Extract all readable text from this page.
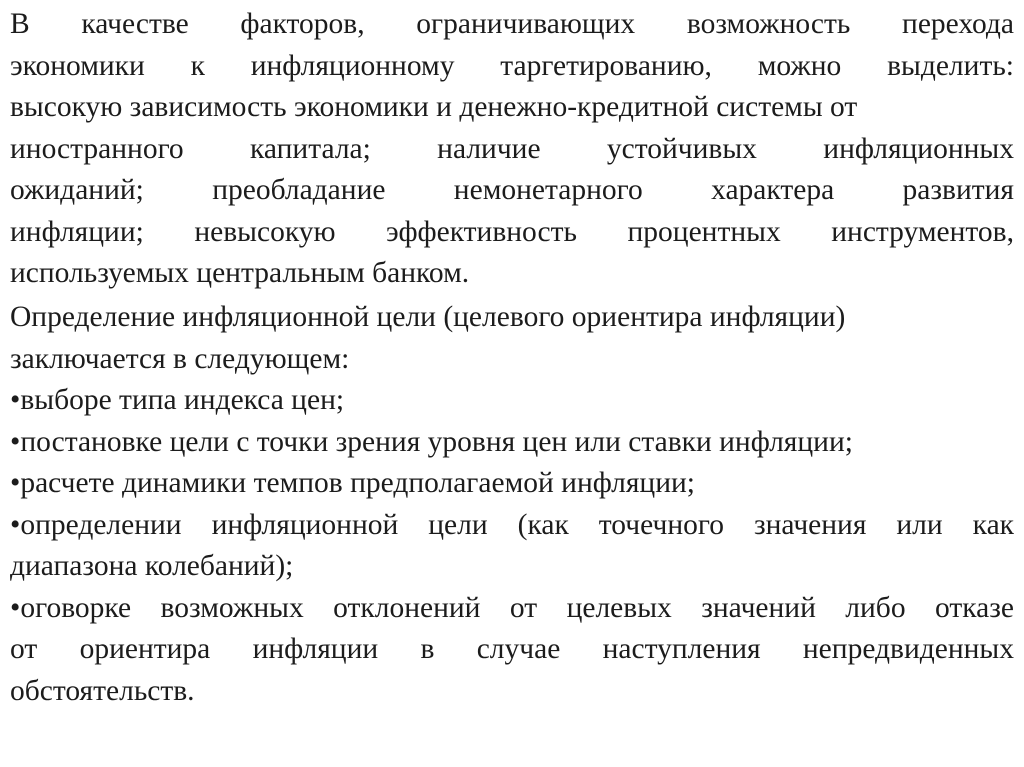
В качестве факторов, ограничивающих возможность перехода
экономики к инфляционному таргетированию, можно выделить:
высокую зависимость экономики и денежно-кредитной системы от
иностранного капитала; наличие устойчивых инфляционных
ожиданий; преобладание немонетарного характера развития
инфляции; невысокую эффективность процентных инструментов,
используемых центральным банком.
Определение инфляционной цели (целевого ориентира инфляции)
заключается в следующем:
•выборе типа индекса цен;
•постановке цели с точки зрения уровня цен или ставки инфляции;
•расчете динамики темпов предполагаемой инфляции;
•определении инфляционной цели (как точечного значения или как
диапазона колебаний);
•оговорке возможных отклонений от целевых значений либо отказе
от ориентира инфляции в случае наступления непредвиденных
обстоятельств.
